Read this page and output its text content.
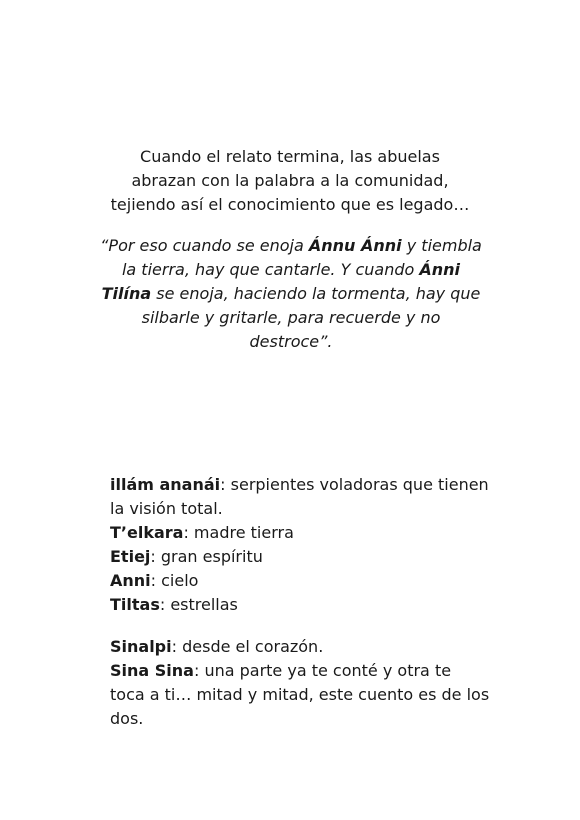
Cuando el relato termina, las abuelas

abrazan con la palabra a la comunidad,

tejiendo así el conocimiento que es legado…

“Por eso cuando se enoja Ánnu Ánni y tiembla la tierra, hay que cantarle. Y cuando Ánni Tilína se enoja, haciendo la tormenta, hay que silbarle y gritarle, para recuerde y no destroce”.

illám ananái: serpientes voladoras que tienen la visión total.

T’elkara: madre tierra

Etiej: gran espíritu

Anni: cielo

Tiltas: estrellas

Sinalpi: desde el corazón.

Sina Sina: una parte ya te conté y otra te toca a ti… mitad y mitad, este cuento es de los dos.
